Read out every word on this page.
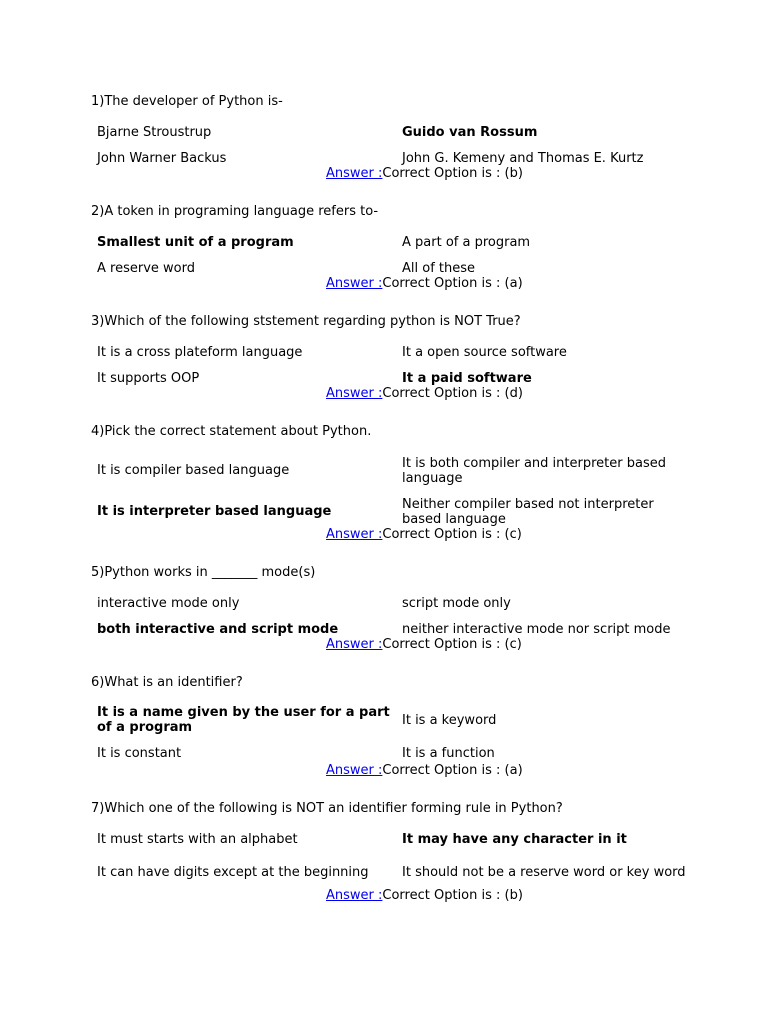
1)The developer of Python is-
Bjarne Stroustrup	Guido van Rossum
John Warner Backus	John G. Kemeny and Thomas E. Kurtz
Answer :Correct Option is : (b)
2)A token in programing language refers to-
Smallest unit of a program	A part of a program
A reserve word	All of these
Answer :Correct Option is : (a)
3)Which of the following ststement regarding python is NOT True?
It is a cross plateform language	It a open source software
It supports OOP	It a paid software
Answer :Correct Option is : (d)
4)Pick the correct statement about Python.
It is compiler based language	It is both compiler and interpreter based language
It is interpreter based language	Neither compiler based not interpreter based language
Answer :Correct Option is : (c)
5)Python works in _______ mode(s)
interactive mode only	script mode only
both interactive and script mode	neither interactive mode nor script mode
Answer :Correct Option is : (c)
6)What is an identifier?
It is a name given by the user for a part of a program	It is a keyword
It is constant	It is a function
Answer :Correct Option is : (a)
7)Which one of the following is NOT an identifier forming rule in Python?
It must starts with an alphabet	It may have any character in it
It can have digits except at the beginning	It should not be a reserve word or key word
Answer :Correct Option is : (b)
